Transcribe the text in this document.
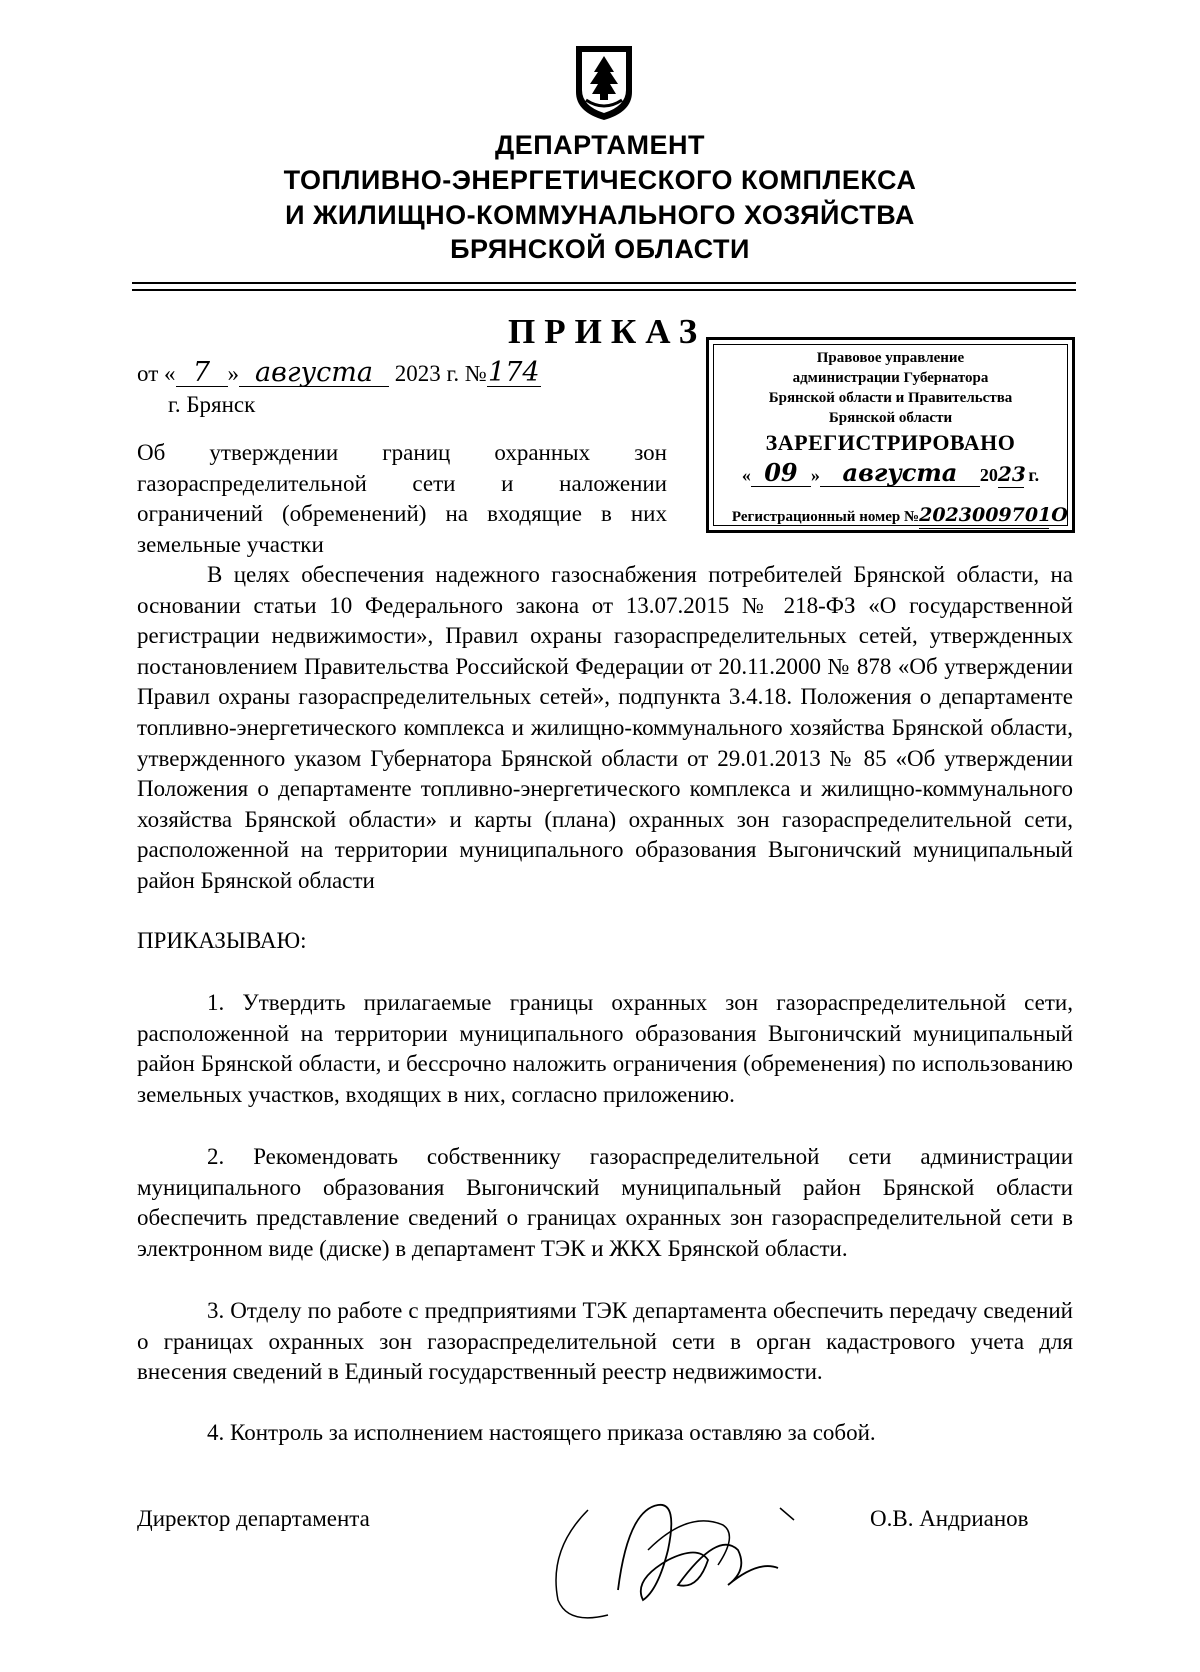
ДЕПАРТАМЕНТ
ТОПЛИВНО-ЭНЕРГЕТИЧЕСКОГО КОМПЛЕКСА
И ЖИЛИЩНО-КОММУНАЛЬНОГО ХОЗЯЙСТВА
БРЯНСКОЙ ОБЛАСТИ
ПРИКАЗ
от « 7 » августа 2023 г. №174
г. Брянск
Правовое управление
администрации Губернатора
Брянской области и Правительства
Брянской области
ЗАРЕГИСТРИРОВАНО
« 09 » августа 2023 г.
Регистрационный номер №2023009701О
Об утверждении границ охранных зон газораспределительной сети и наложении ограничений (обременений) на входящие в них земельные участки
В целях обеспечения надежного газоснабжения потребителей Брянской области, на основании статьи 10 Федерального закона от 13.07.2015 № 218-ФЗ «О государственной регистрации недвижимости», Правил охраны газораспределительных сетей, утвержденных постановлением Правительства Российской Федерации от 20.11.2000 № 878 «Об утверждении Правил охраны газораспределительных сетей», подпункта 3.4.18. Положения о департаменте топливно-энергетического комплекса и жилищно-коммунального хозяйства Брянской области, утвержденного указом Губернатора Брянской области от 29.01.2013 № 85 «Об утверждении Положения о департаменте топливно-энергетического комплекса и жилищно-коммунального хозяйства Брянской области» и карты (плана) охранных зон газораспределительной сети, расположенной на территории муниципального образования Выгоничский муниципальный район Брянской области
ПРИКАЗЫВАЮ:
1. Утвердить прилагаемые границы охранных зон газораспределительной сети, расположенной на территории муниципального образования Выгоничский муниципальный район Брянской области, и бессрочно наложить ограничения (обременения) по использованию земельных участков, входящих в них, согласно приложению.
2. Рекомендовать собственнику газораспределительной сети администрации муниципального образования Выгоничский муниципальный район Брянской области обеспечить представление сведений о границах охранных зон газораспределительной сети в электронном виде (диске) в департамент ТЭК и ЖКХ Брянской области.
3. Отделу по работе с предприятиями ТЭК департамента обеспечить передачу сведений о границах охранных зон газораспределительной сети в орган кадастрового учета для внесения сведений в Единый государственный реестр недвижимости.
4. Контроль за исполнением настоящего приказа оставляю за собой.
Директор департамента	О.В. Андрианов
